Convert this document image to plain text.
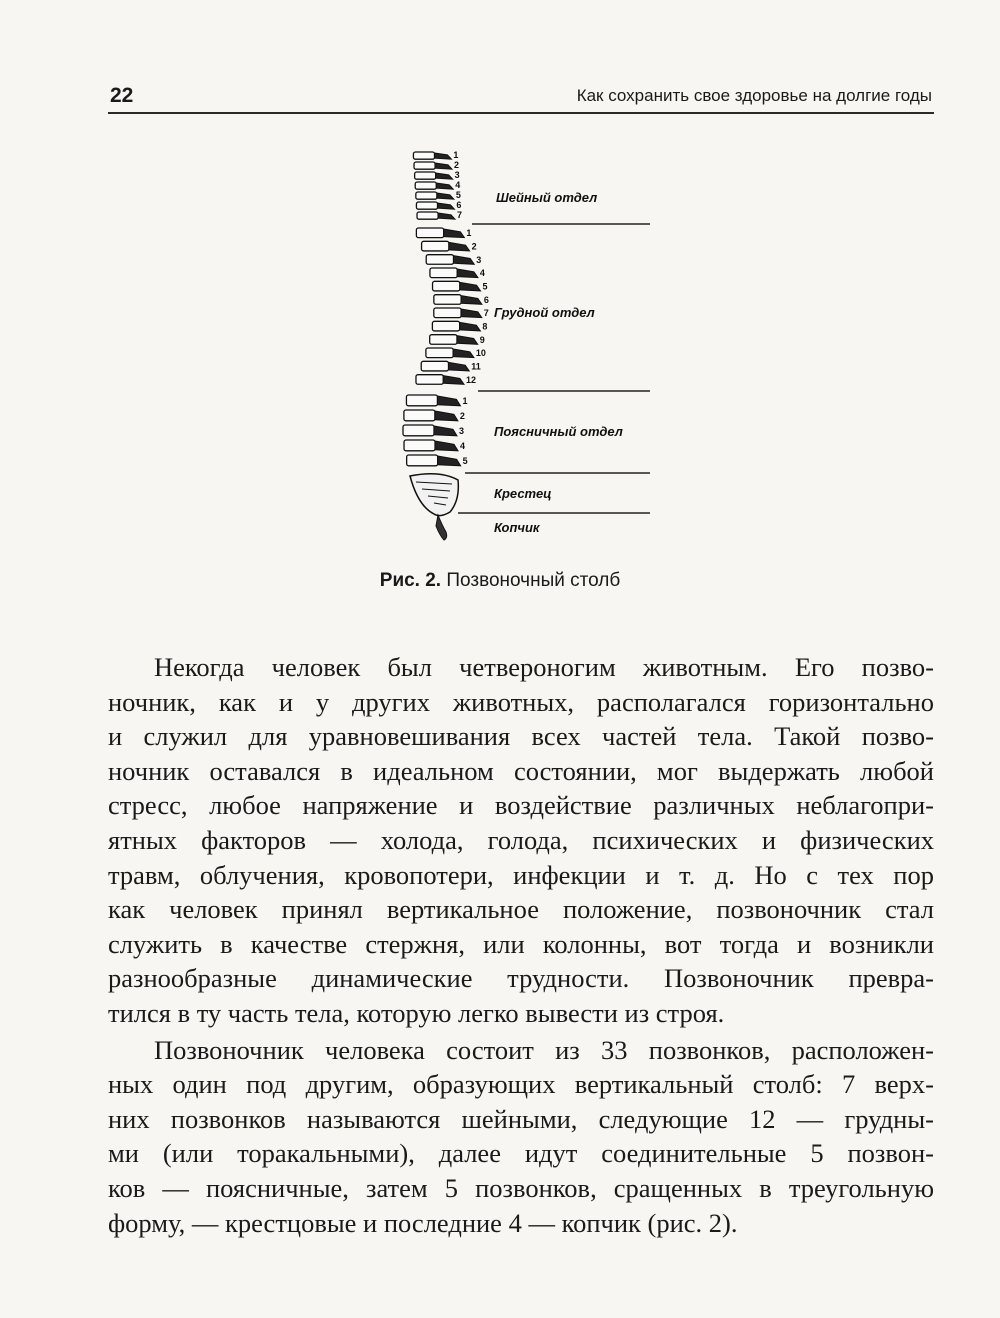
22	Как сохранить свое здоровье на долгие годы
1
2
3
4
5
6
7
1
2
3
4
5
6
7
8
9
10
11
12
1
2
3
4
5
Шейный отдел
Грудной отдел
Поясничный отдел
Крестец
Копчик
Рис. 2. Позвоночный столб
Некогда человек был четвероногим животным. Его позво-
ночник, как и у других животных, располагался горизонтально
и служил для уравновешивания всех частей тела. Такой позво-
ночник оставался в идеальном состоянии, мог выдержать любой
стресс, любое напряжение и воздействие различных неблагопри-
ятных факторов — холода, голода, психических и физических
травм, облучения, кровопотери, инфекции и т. д. Но с тех пор
как человек принял вертикальное положение, позвоночник стал
служить в качестве стержня, или колонны, вот тогда и возникли
разнообразные динамические трудности. Позвоночник превра-
тился в ту часть тела, которую легко вывести из строя.
Позвоночник человека состоит из 33 позвонков, расположен-
ных один под другим, образующих вертикальный столб: 7 верх-
них позвонков называются шейными, следующие 12 — грудны-
ми (или торакальными), далее идут соединительные 5 позвон-
ков — поясничные, затем 5 позвонков, сращенных в треугольную
форму, — крестцовые и последние 4 — копчик (рис. 2).
